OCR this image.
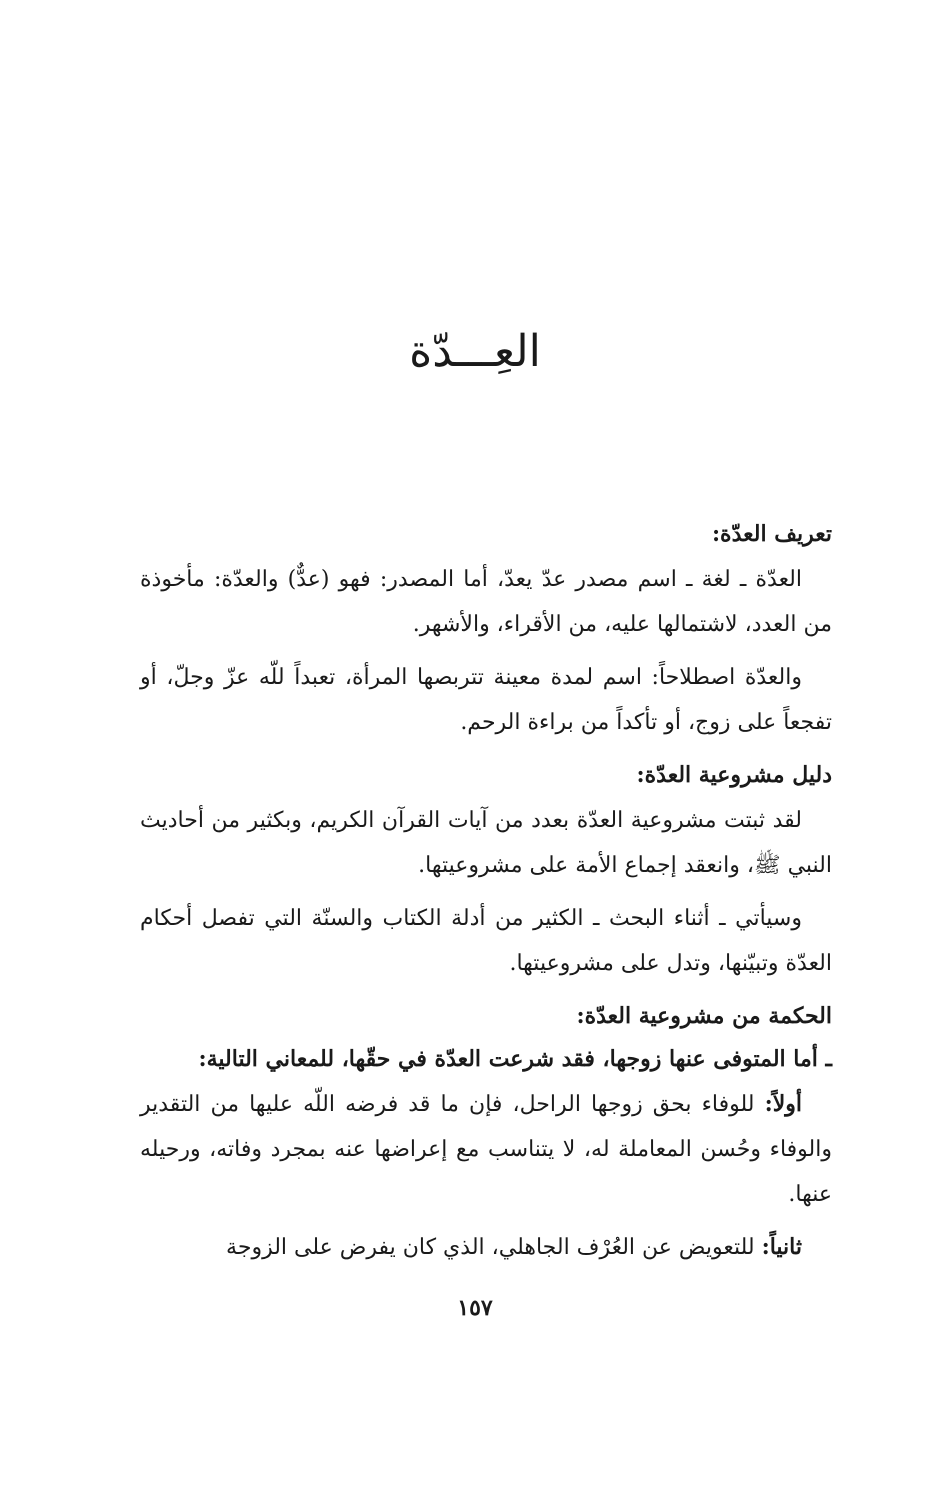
العِـــدّة

تعريف العدّة:

العدّة ـ لغة ـ اسم مصدر عدّ يعدّ، أما المصدر: فهو (عدٌّ) والعدّة: مأخوذة من العدد، لاشتمالها عليه، من الأقراء، والأشهر.

والعدّة اصطلاحاً: اسم لمدة معينة تتربصها المرأة، تعبداً للّه عزّ وجلّ، أو تفجعاً على زوج، أو تأكداً من براءة الرحم.

دليل مشروعية العدّة:

لقد ثبتت مشروعية العدّة بعدد من آيات القرآن الكريم، وبكثير من أحاديث النبي ﷺ، وانعقد إجماع الأمة على مشروعيتها.

وسيأتي ـ أثناء البحث ـ الكثير من أدلة الكتاب والسنّة التي تفصل أحكام العدّة وتبيّنها، وتدل على مشروعيتها.

الحكمة من مشروعية العدّة:

ـ أما المتوفى عنها زوجها، فقد شرعت العدّة في حقّها، للمعاني التالية:

أولاً: للوفاء بحق زوجها الراحل، فإن ما قد فرضه اللّه عليها من التقدير والوفاء وحُسن المعاملة له، لا يتناسب مع إعراضها عنه بمجرد وفاته، ورحيله عنها.

ثانياً: للتعويض عن العُرْف الجاهلي، الذي كان يفرض على الزوجة

١٥٧
